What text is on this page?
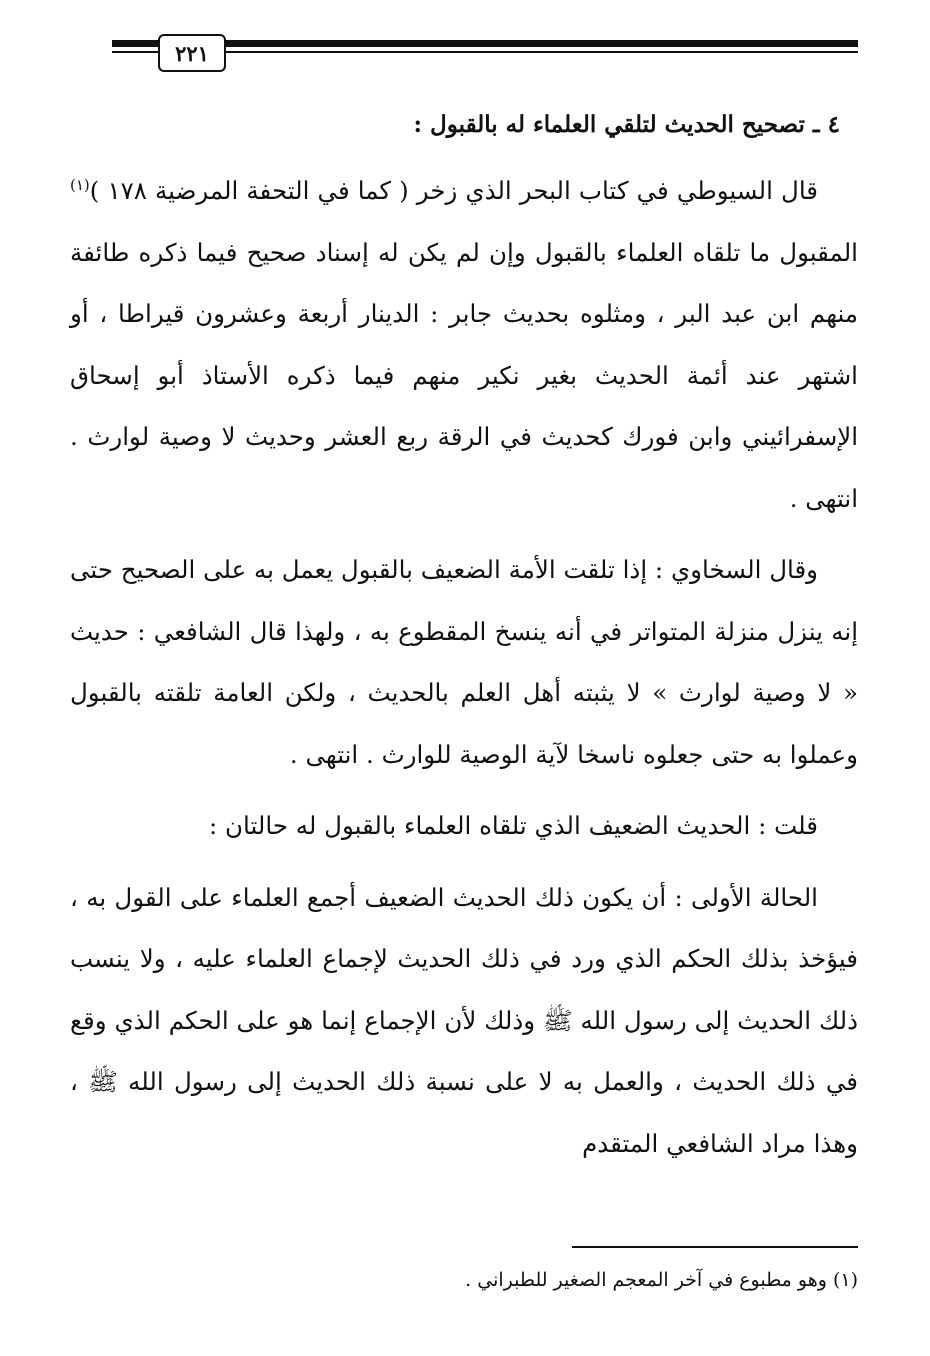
٢٢١
٤ ـ تصحيح الحديث لتلقي العلماء له بالقبول :

قال السيوطي في كتاب البحر الذي زخر ( كما في التحفة المرضية ١٧٨ )$^{(١)}$ المقبول ما تلقاه العلماء بالقبول وإن لم يكن له إسناد صحيح فيما ذكره طائفة منهم ابن عبد البر ، ومثلوه بحديث جابر : الدينار أربعة وعشرون قيراطا ، أو اشتهر عند أئمة الحديث بغير نكير منهم فيما ذكره الأستاذ أبو إسحاق الإسفرائيني وابن فورك كحديث في الرقة ربع العشر وحديث لا وصية لوارث . انتهى .

وقال السخاوي : إذا تلقت الأمة الضعيف بالقبول يعمل به على الصحيح حتى إنه ينزل منزلة المتواتر في أنه ينسخ المقطوع به ، ولهذا قال الشافعي : حديث « لا وصية لوارث » لا يثبته أهل العلم بالحديث ، ولكن العامة تلقته بالقبول وعملوا به حتى جعلوه ناسخا لآية الوصية للوارث . انتهى .

قلت : الحديث الضعيف الذي تلقاه العلماء بالقبول له حالتان :

الحالة الأولى : أن يكون ذلك الحديث الضعيف أجمع العلماء على القول به ، فيؤخذ بذلك الحكم الذي ورد في ذلك الحديث لإجماع العلماء عليه ، ولا ينسب ذلك الحديث إلى رسول الله ﷺ وذلك لأن الإجماع إنما هو على الحكم الذي وقع في ذلك الحديث ، والعمل به لا على نسبة ذلك الحديث إلى رسول الله ﷺ ، وهذا مراد الشافعي المتقدم

(١) وهو مطبوع في آخر المعجم الصغير للطبراني .
